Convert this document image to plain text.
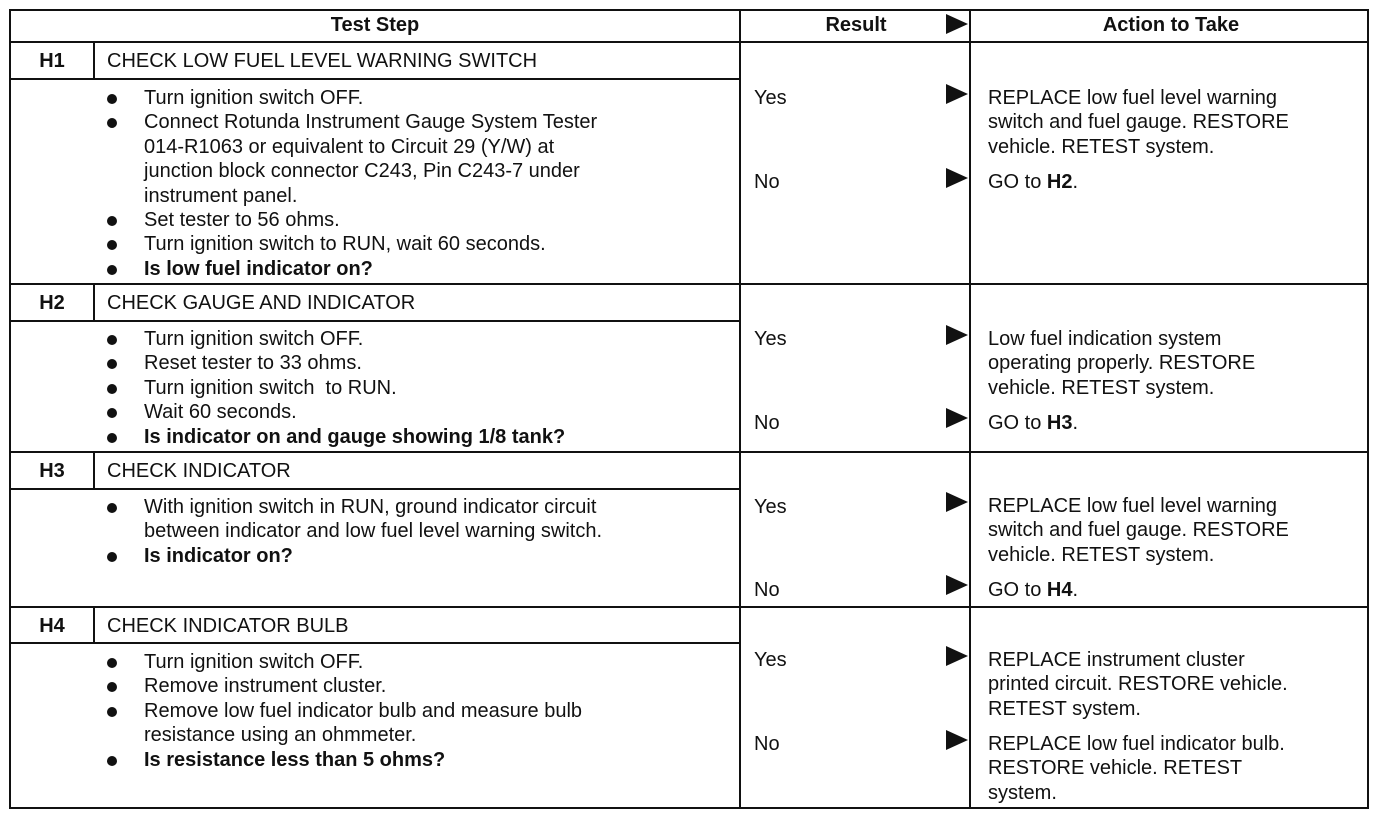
Test Step	Result	Action to Take
H1	CHECK LOW FUEL LEVEL WARNING SWITCH
Turn ignition switch OFF.
Connect Rotunda Instrument Gauge System Tester
014-R1063 or equivalent to Circuit 29 (Y/W) at
junction block connector C243, Pin C243-7 under
instrument panel.
Set tester to 56 ohms.
Turn ignition switch to RUN, wait 60 seconds.
Is low fuel indicator on?
Yes	REPLACE low fuel level warning
switch and fuel gauge. RESTORE
vehicle. RETEST system.
No	GO to H2.
H2	CHECK GAUGE AND INDICATOR
Turn ignition switch OFF.
Reset tester to 33 ohms.
Turn ignition switch  to RUN.
Wait 60 seconds.
Is indicator on and gauge showing 1/8 tank?
Yes	Low fuel indication system
operating properly. RESTORE
vehicle. RETEST system.
No	GO to H3.
H3	CHECK INDICATOR
With ignition switch in RUN, ground indicator circuit
between indicator and low fuel level warning switch.
Is indicator on?
Yes	REPLACE low fuel level warning
switch and fuel gauge. RESTORE
vehicle. RETEST system.
No	GO to H4.
H4	CHECK INDICATOR BULB
Turn ignition switch OFF.
Remove instrument cluster.
Remove low fuel indicator bulb and measure bulb
resistance using an ohmmeter.
Is resistance less than 5 ohms?
Yes	REPLACE instrument cluster
printed circuit. RESTORE vehicle.
RETEST system.
No	REPLACE low fuel indicator bulb.
RESTORE vehicle. RETEST
system.
